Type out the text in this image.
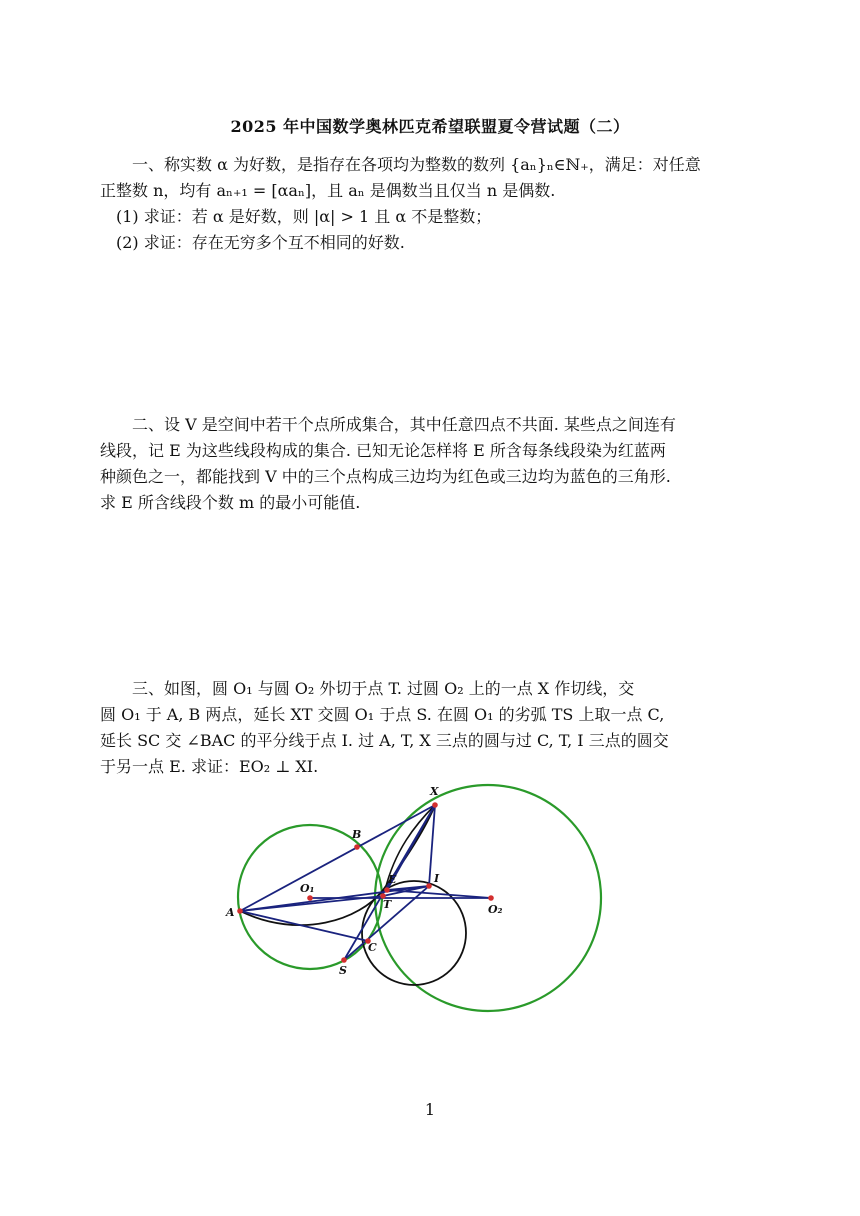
2025 年中国数学奥林匹克希望联盟夏令营试题（二）
一、称实数 α 为好数，是指存在各项均为整数的数列 {aₙ}ₙ∈ℕ₊，满足：对任意
正整数 n，均有 aₙ₊₁ = [αaₙ]，且 aₙ 是偶数当且仅当 n 是偶数.
(1) 求证：若 α 是好数，则 |α| > 1 且 α 不是整数；
(2) 求证：存在无穷多个互不相同的好数.
二、设 V 是空间中若干个点所成集合，其中任意四点不共面. 某些点之间连有
线段，记 E 为这些线段构成的集合. 已知无论怎样将 E 所含每条线段染为红蓝两
种颜色之一，都能找到 V 中的三个点构成三边均为红色或三边均为蓝色的三角形.
求 E 所含线段个数 m 的最小可能值.
三、如图，圆 O₁ 与圆 O₂ 外切于点 T. 过圆 O₂ 上的一点 X 作切线，交
圆 O₁ 于 A, B 两点，延长 XT 交圆 O₁ 于点 S. 在圆 O₁ 的劣弧 TS 上取一点 C,
延长 SC 交 ∠BAC 的平分线于点 I. 过 A, T, X 三点的圆与过 C, T, I 三点的圆交
于另一点 E. 求证：EO₂ ⊥ XI.
A
B
X
O₁
O₂
T
E	I
C
S
1
